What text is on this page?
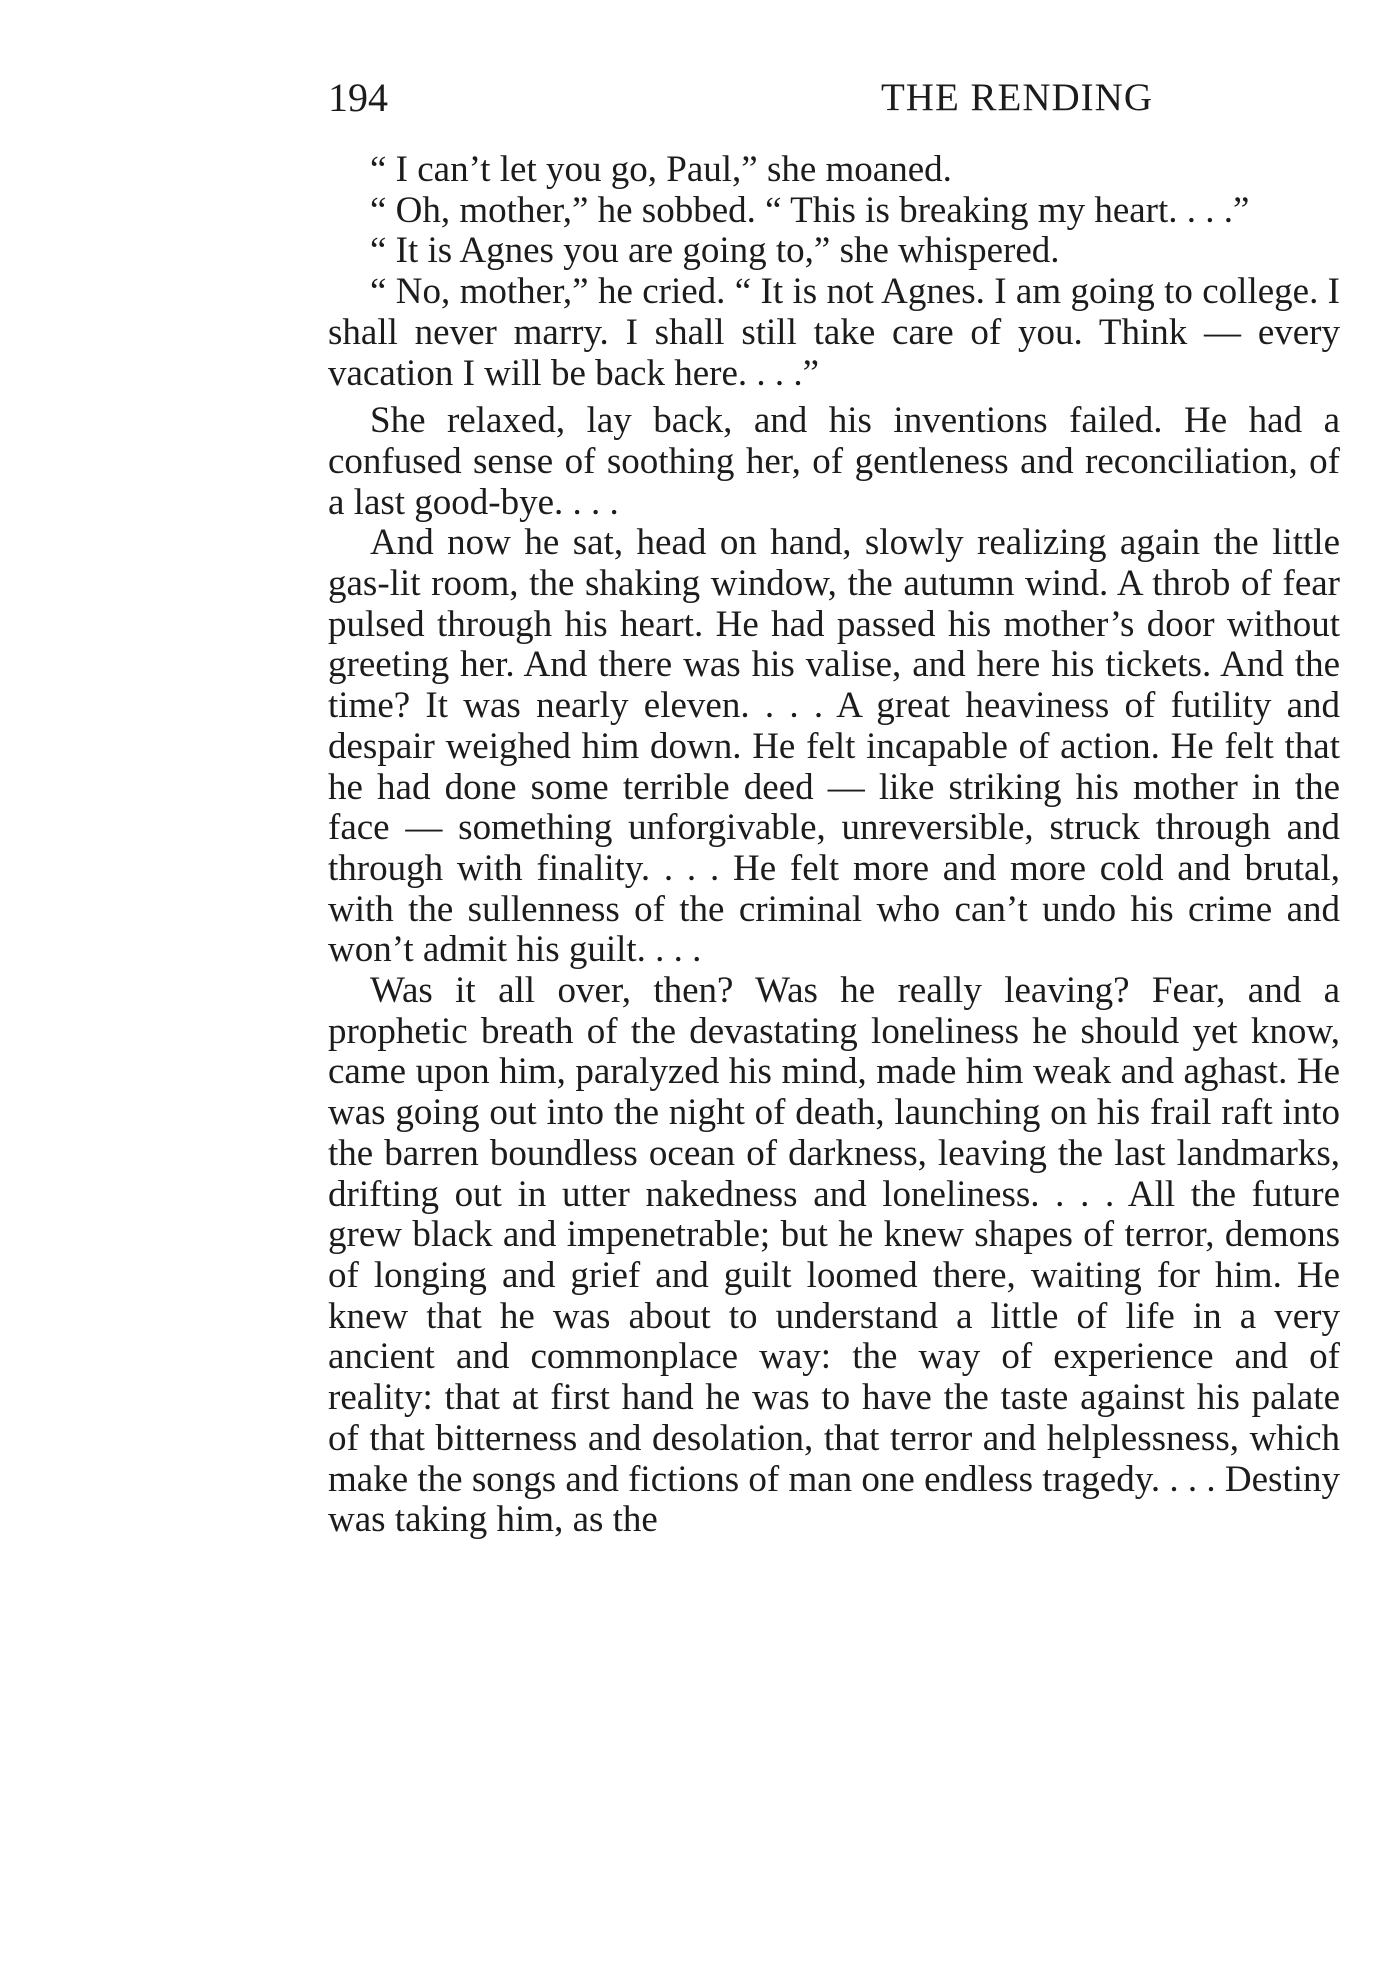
194	THE RENDING

“ I can’t let you go, Paul,” she moaned.

“ Oh, mother,” he sobbed. “ This is breaking my heart. . . .”

“ It is Agnes you are going to,” she whispered.

“ No, mother,” he cried. “ It is not Agnes. I am going to college. I shall never marry. I shall still take care of you. Think — every vacation I will be back here. . . .”

She relaxed, lay back, and his inventions failed. He had a confused sense of soothing her, of gentleness and reconciliation, of a last good-bye. . . .

And now he sat, head on hand, slowly realizing again the little gas-lit room, the shaking window, the autumn wind. A throb of fear pulsed through his heart. He had passed his mother’s door without greeting her. And there was his valise, and here his tickets. And the time? It was nearly eleven. . . . A great heaviness of futility and despair weighed him down. He felt incapable of action. He felt that he had done some terrible deed — like striking his mother in the face — something unforgivable, unreversible, struck through and through with finality. . . . He felt more and more cold and brutal, with the sullenness of the criminal who can’t undo his crime and won’t admit his guilt. . . .

Was it all over, then? Was he really leaving? Fear, and a prophetic breath of the devastating loneliness he should yet know, came upon him, paralyzed his mind, made him weak and aghast. He was going out into the night of death, launching on his frail raft into the barren boundless ocean of darkness, leaving the last landmarks, drifting out in utter nakedness and loneliness. . . . All the future grew black and impenetrable; but he knew shapes of terror, demons of longing and grief and guilt loomed there, waiting for him. He knew that he was about to understand a little of life in a very ancient and commonplace way: the way of experience and of reality: that at first hand he was to have the taste against his palate of that bitterness and desolation, that terror and helplessness, which make the songs and fictions of man one endless tragedy. . . . Destiny was taking him, as the
